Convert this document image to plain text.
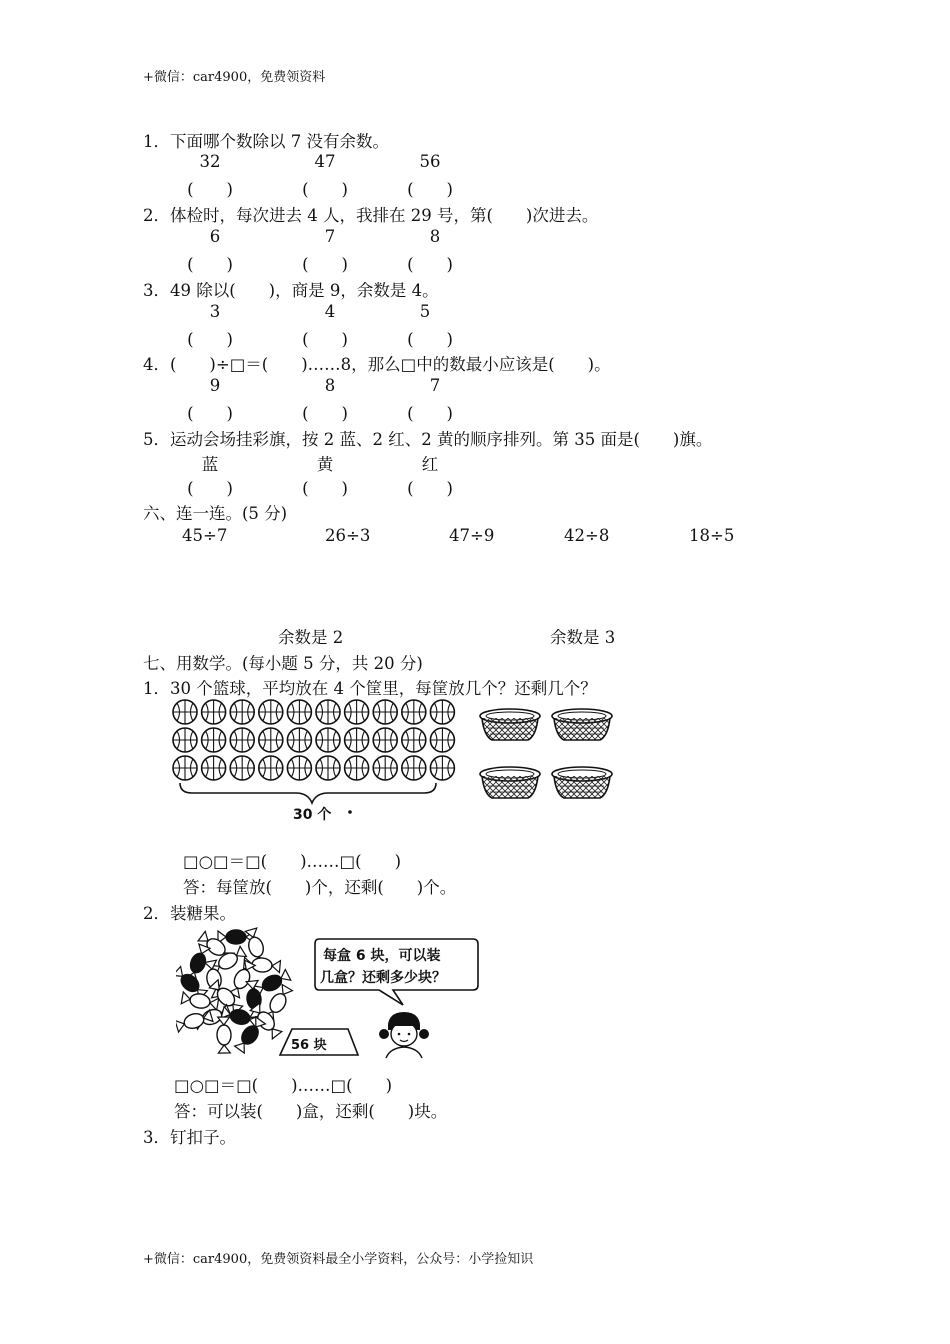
+微信：car4900，免费领资料
1．下面哪个数除以 7 没有余数。
32	47	56
(　　)	(　　)	(　　)
2．体检时，每次进去 4 人，我排在 29 号，第(　　)次进去。
6	7	8
(　　)	(　　)	(　　)
3．49 除以(　　)，商是 9，余数是 4。
3	4	5
(　　)	(　　)	(　　)
4．(　　)÷□＝(　　)……8，那么□中的数最小应该是(　　)。
9	8	7
(　　)	(　　)	(　　)
5．运动会场挂彩旗，按 2 蓝、2 红、2 黄的顺序排列。第 35 面是(　　)旗。
蓝	黄	红
(　　)	(　　)	(　　)
六、连一连。(5 分)
45÷7	26÷3	47÷9	42÷8	18÷5
余数是 2	余数是 3
七、用数学。(每小题 5 分，共 20 分)
1．30 个篮球，平均放在 4 个筐里，每筐放几个？还剩几个？
30 个
□○□＝□(　　)……□(　　)
答：每筐放(　　)个，还剩(　　)个。
2．装糖果。
56 块
每盒 6 块，可以装
几盒？还剩多少块？
□○□＝□(　　)……□(　　)
答：可以装(　　)盒，还剩(　　)块。
3．钉扣子。
+微信：car4900，免费领资料最全小学资料，公众号：小学捡知识
